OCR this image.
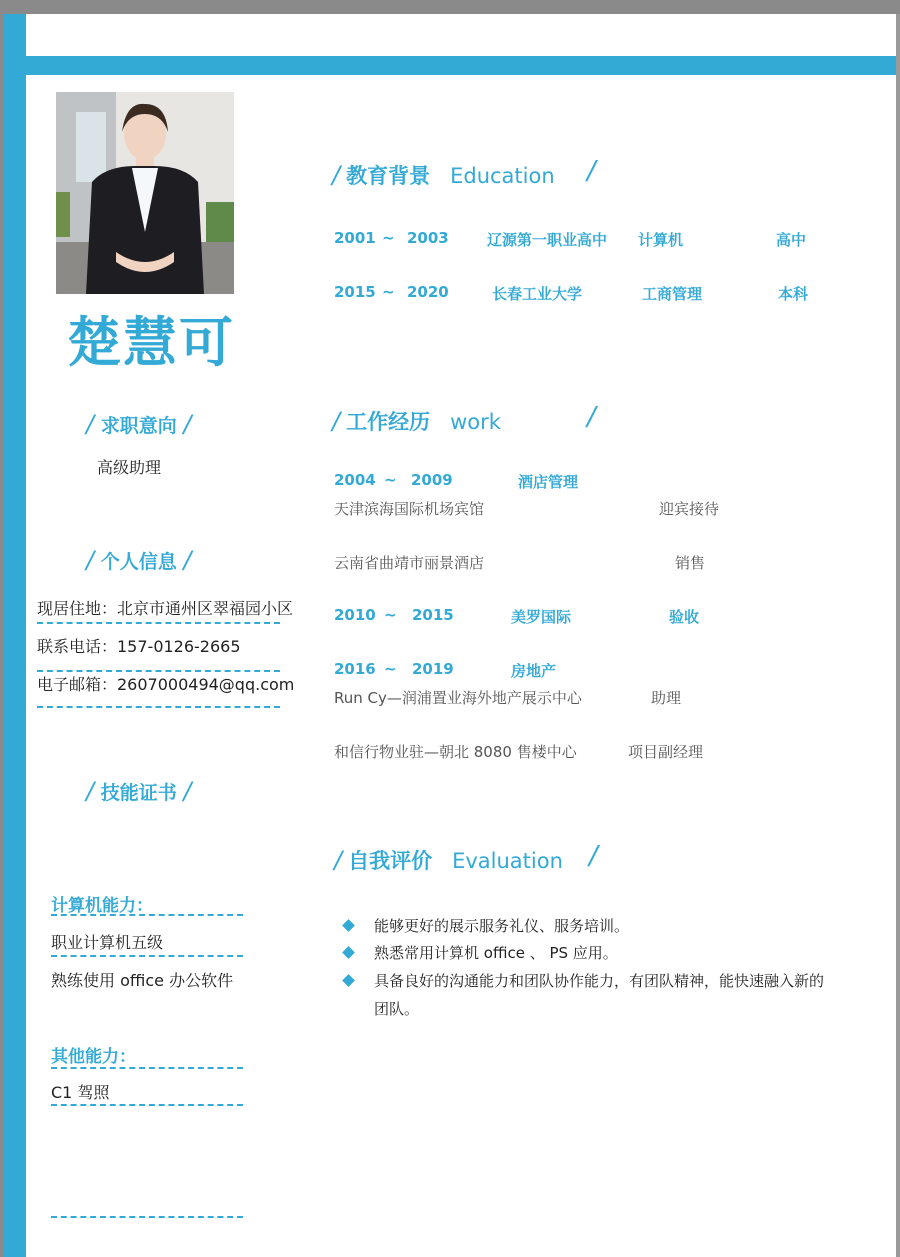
楚慧可
/ 求职意向 /
高级助理
/ 个人信息 /
现居住地：北京市通州区翠福园小区
联系电话：157-0126-2665
电子邮箱：2607000494@qq.com
/ 技能证书 /
计算机能力：
职业计算机五级
熟练使用 office 办公软件
其他能力：
C1 驾照
/ 教育背景 Education /
2001 ~ 2003	辽源第一职业高中 计算机	高中
2015 ~ 2020	长春工业大学	工商管理	本科
/ 工作经历 work	/
2004 ~ 2009	酒店管理
天津滨海国际机场宾馆	迎宾接待
云南省曲靖市丽景酒店	销售
2010 ~ 2015	美罗国际	验收
2016 ~ 2019	房地产
Run Cy—润浦置业海外地产展示中心	助理
和信行物业驻—朝北 8080 售楼中心	项目副经理
/ 自我评价 Evaluation /
能够更好的展示服务礼仪、服务培训。
熟悉常用计算机 office 、 PS 应用。
具备良好的沟通能力和团队协作能力，有团队精神，能快速融入新的
团队。
